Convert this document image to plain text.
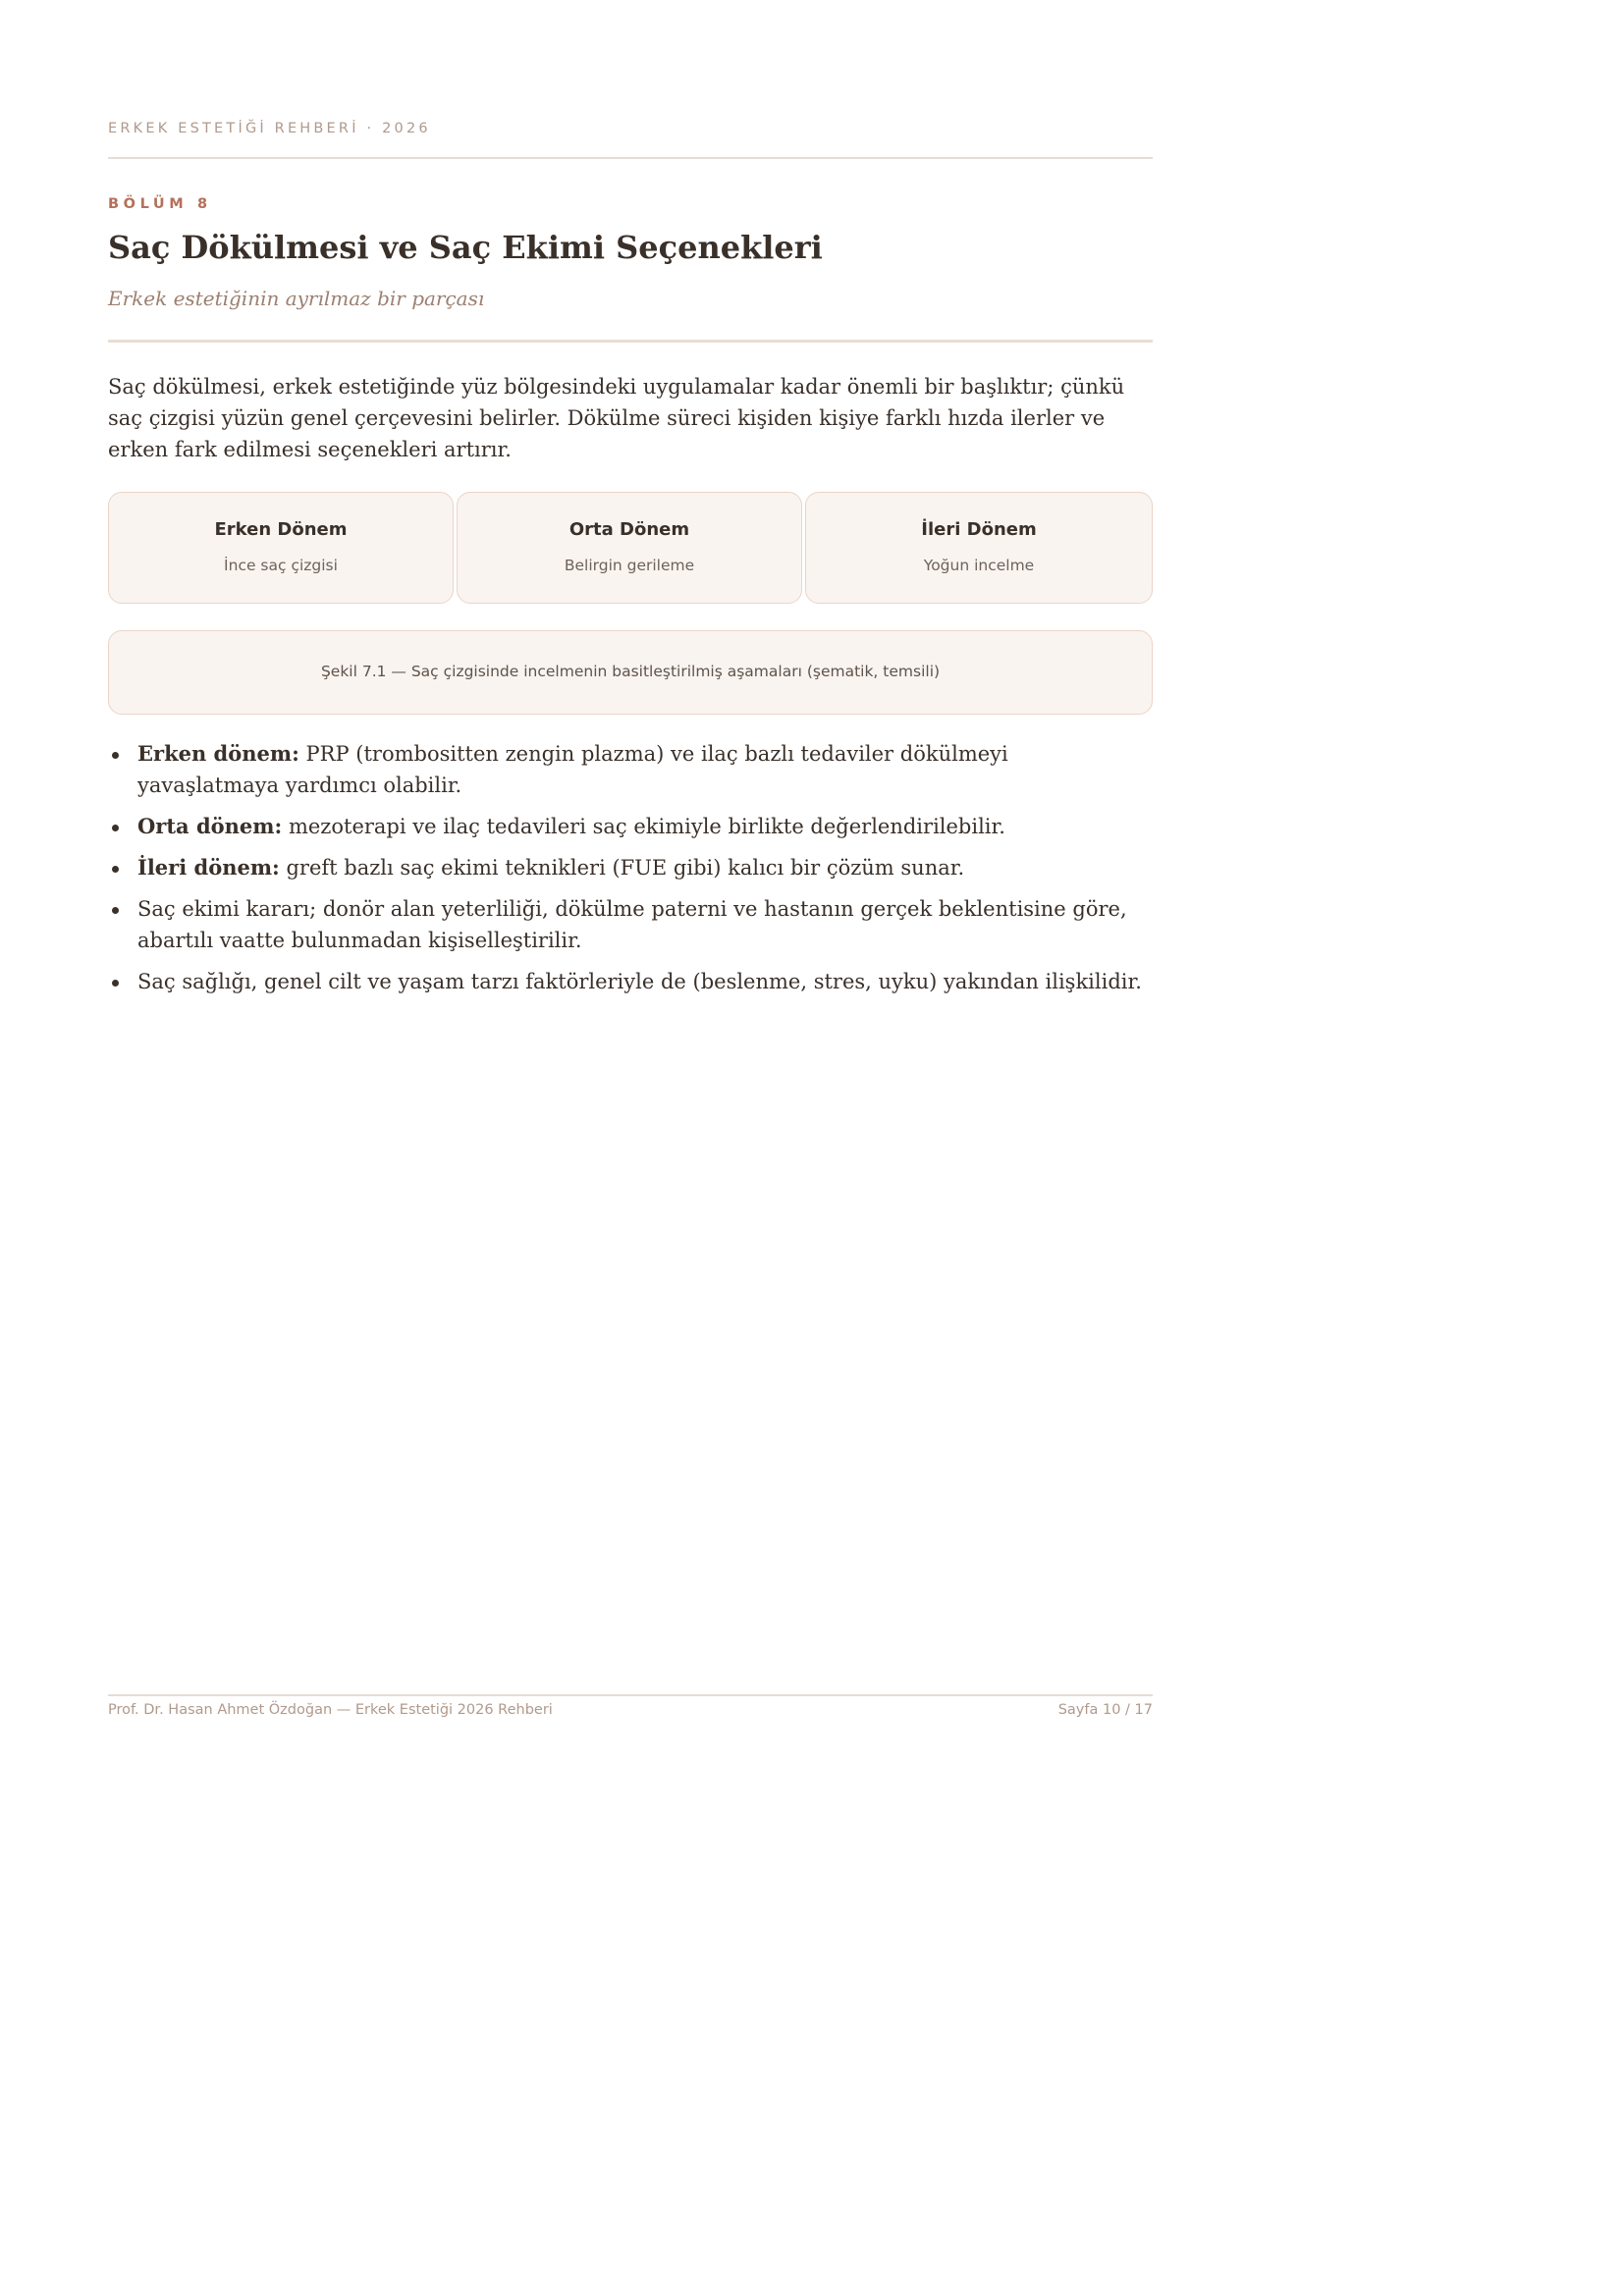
ERKEK ESTETİĞİ REHBERİ · 2026
BÖLÜM 8
Saç Dökülmesi ve Saç Ekimi Seçenekleri
Erkek estetiğinin ayrılmaz bir parçası

Saç dökülmesi, erkek estetiğinde yüz bölgesindeki uygulamalar kadar önemli bir başlıktır; çünkü saç çizgisi yüzün genel çerçevesini belirler. Dökülme süreci kişiden kişiye farklı hızda ilerler ve erken fark edilmesi seçenekleri artırır.

Erken Dönem
İnce saç çizgisi
Orta Dönem
Belirgin gerileme
İleri Dönem
Yoğun incelme
Şekil 7.1 — Saç çizgisinde incelmenin basitleştirilmiş aşamaları (şematik, temsili)
Erken dönem: PRP (trombositten zengin plazma) ve ilaç bazlı tedaviler dökülmeyi yavaşlatmaya yardımcı olabilir.
Orta dönem: mezoterapi ve ilaç tedavileri saç ekimiyle birlikte değerlendirilebilir.
İleri dönem: greft bazlı saç ekimi teknikleri (FUE gibi) kalıcı bir çözüm sunar.
Saç ekimi kararı; donör alan yeterliliği, dökülme paterni ve hastanın gerçek beklentisine göre, abartılı vaatte bulunmadan kişiselleştirilir.
Saç sağlığı, genel cilt ve yaşam tarzı faktörleriyle de (beslenme, stres, uyku) yakından ilişkilidir.
Prof. Dr. Hasan Ahmet Özdoğan — Erkek Estetiği 2026 Rehberi	Sayfa 10 / 17
